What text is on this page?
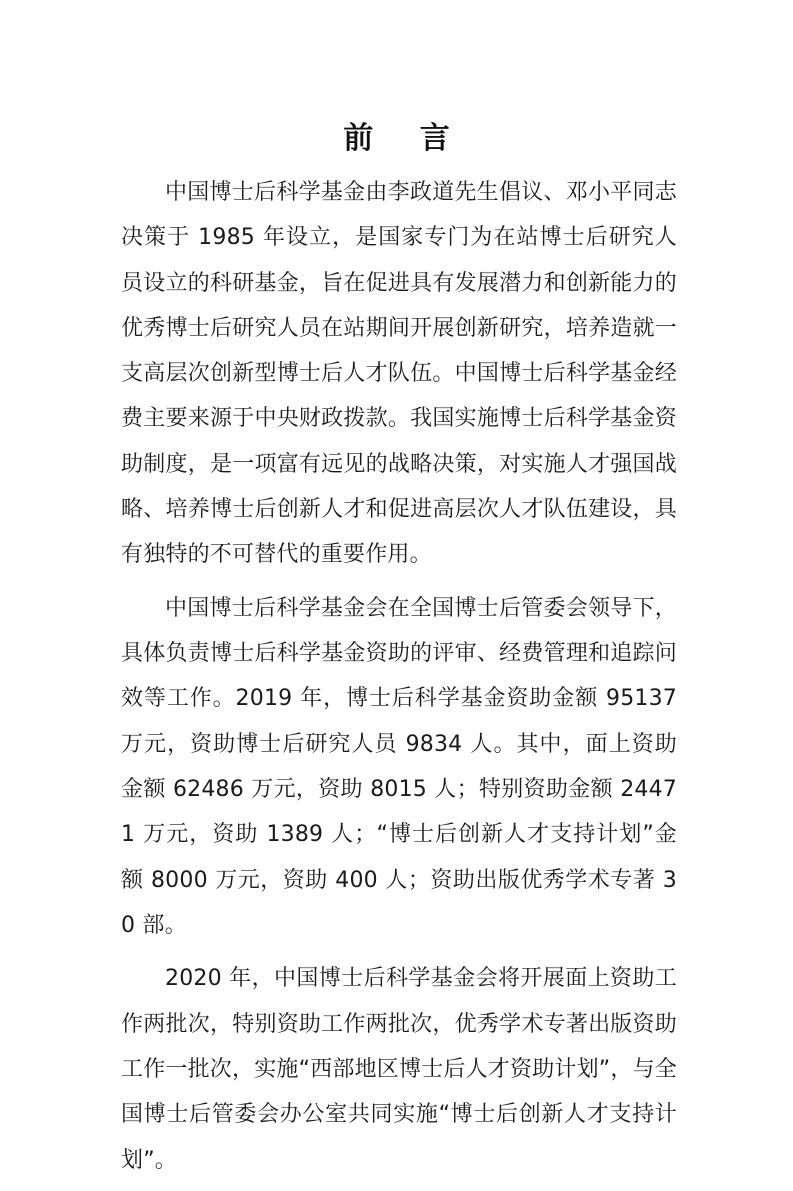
前 言

中国博士后科学基金由李政道先生倡议、邓小平同志决策于 1985 年设立，是国家专门为在站博士后研究人员设立的科研基金，旨在促进具有发展潜力和创新能力的优秀博士后研究人员在站期间开展创新研究，培养造就一支高层次创新型博士后人才队伍。中国博士后科学基金经费主要来源于中央财政拨款。我国实施博士后科学基金资助制度，是一项富有远见的战略决策，对实施人才强国战略、培养博士后创新人才和促进高层次人才队伍建设，具有独特的不可替代的重要作用。

中国博士后科学基金会在全国博士后管委会领导下，具体负责博士后科学基金资助的评审、经费管理和追踪问效等工作。2019 年，博士后科学基金资助金额 95137 万元，资助博士后研究人员 9834 人。其中，面上资助金额 62486 万元，资助 8015 人；特别资助金额 24471 万元，资助 1389 人；“博士后创新人才支持计划”金额 8000 万元，资助 400 人；资助出版优秀学术专著 30 部。

2020 年，中国博士后科学基金会将开展面上资助工作两批次，特别资助工作两批次，优秀学术专著出版资助工作一批次，实施“西部地区博士后人才资助计划”，与全国博士后管委会办公室共同实施“博士后创新人才支持计划”。
